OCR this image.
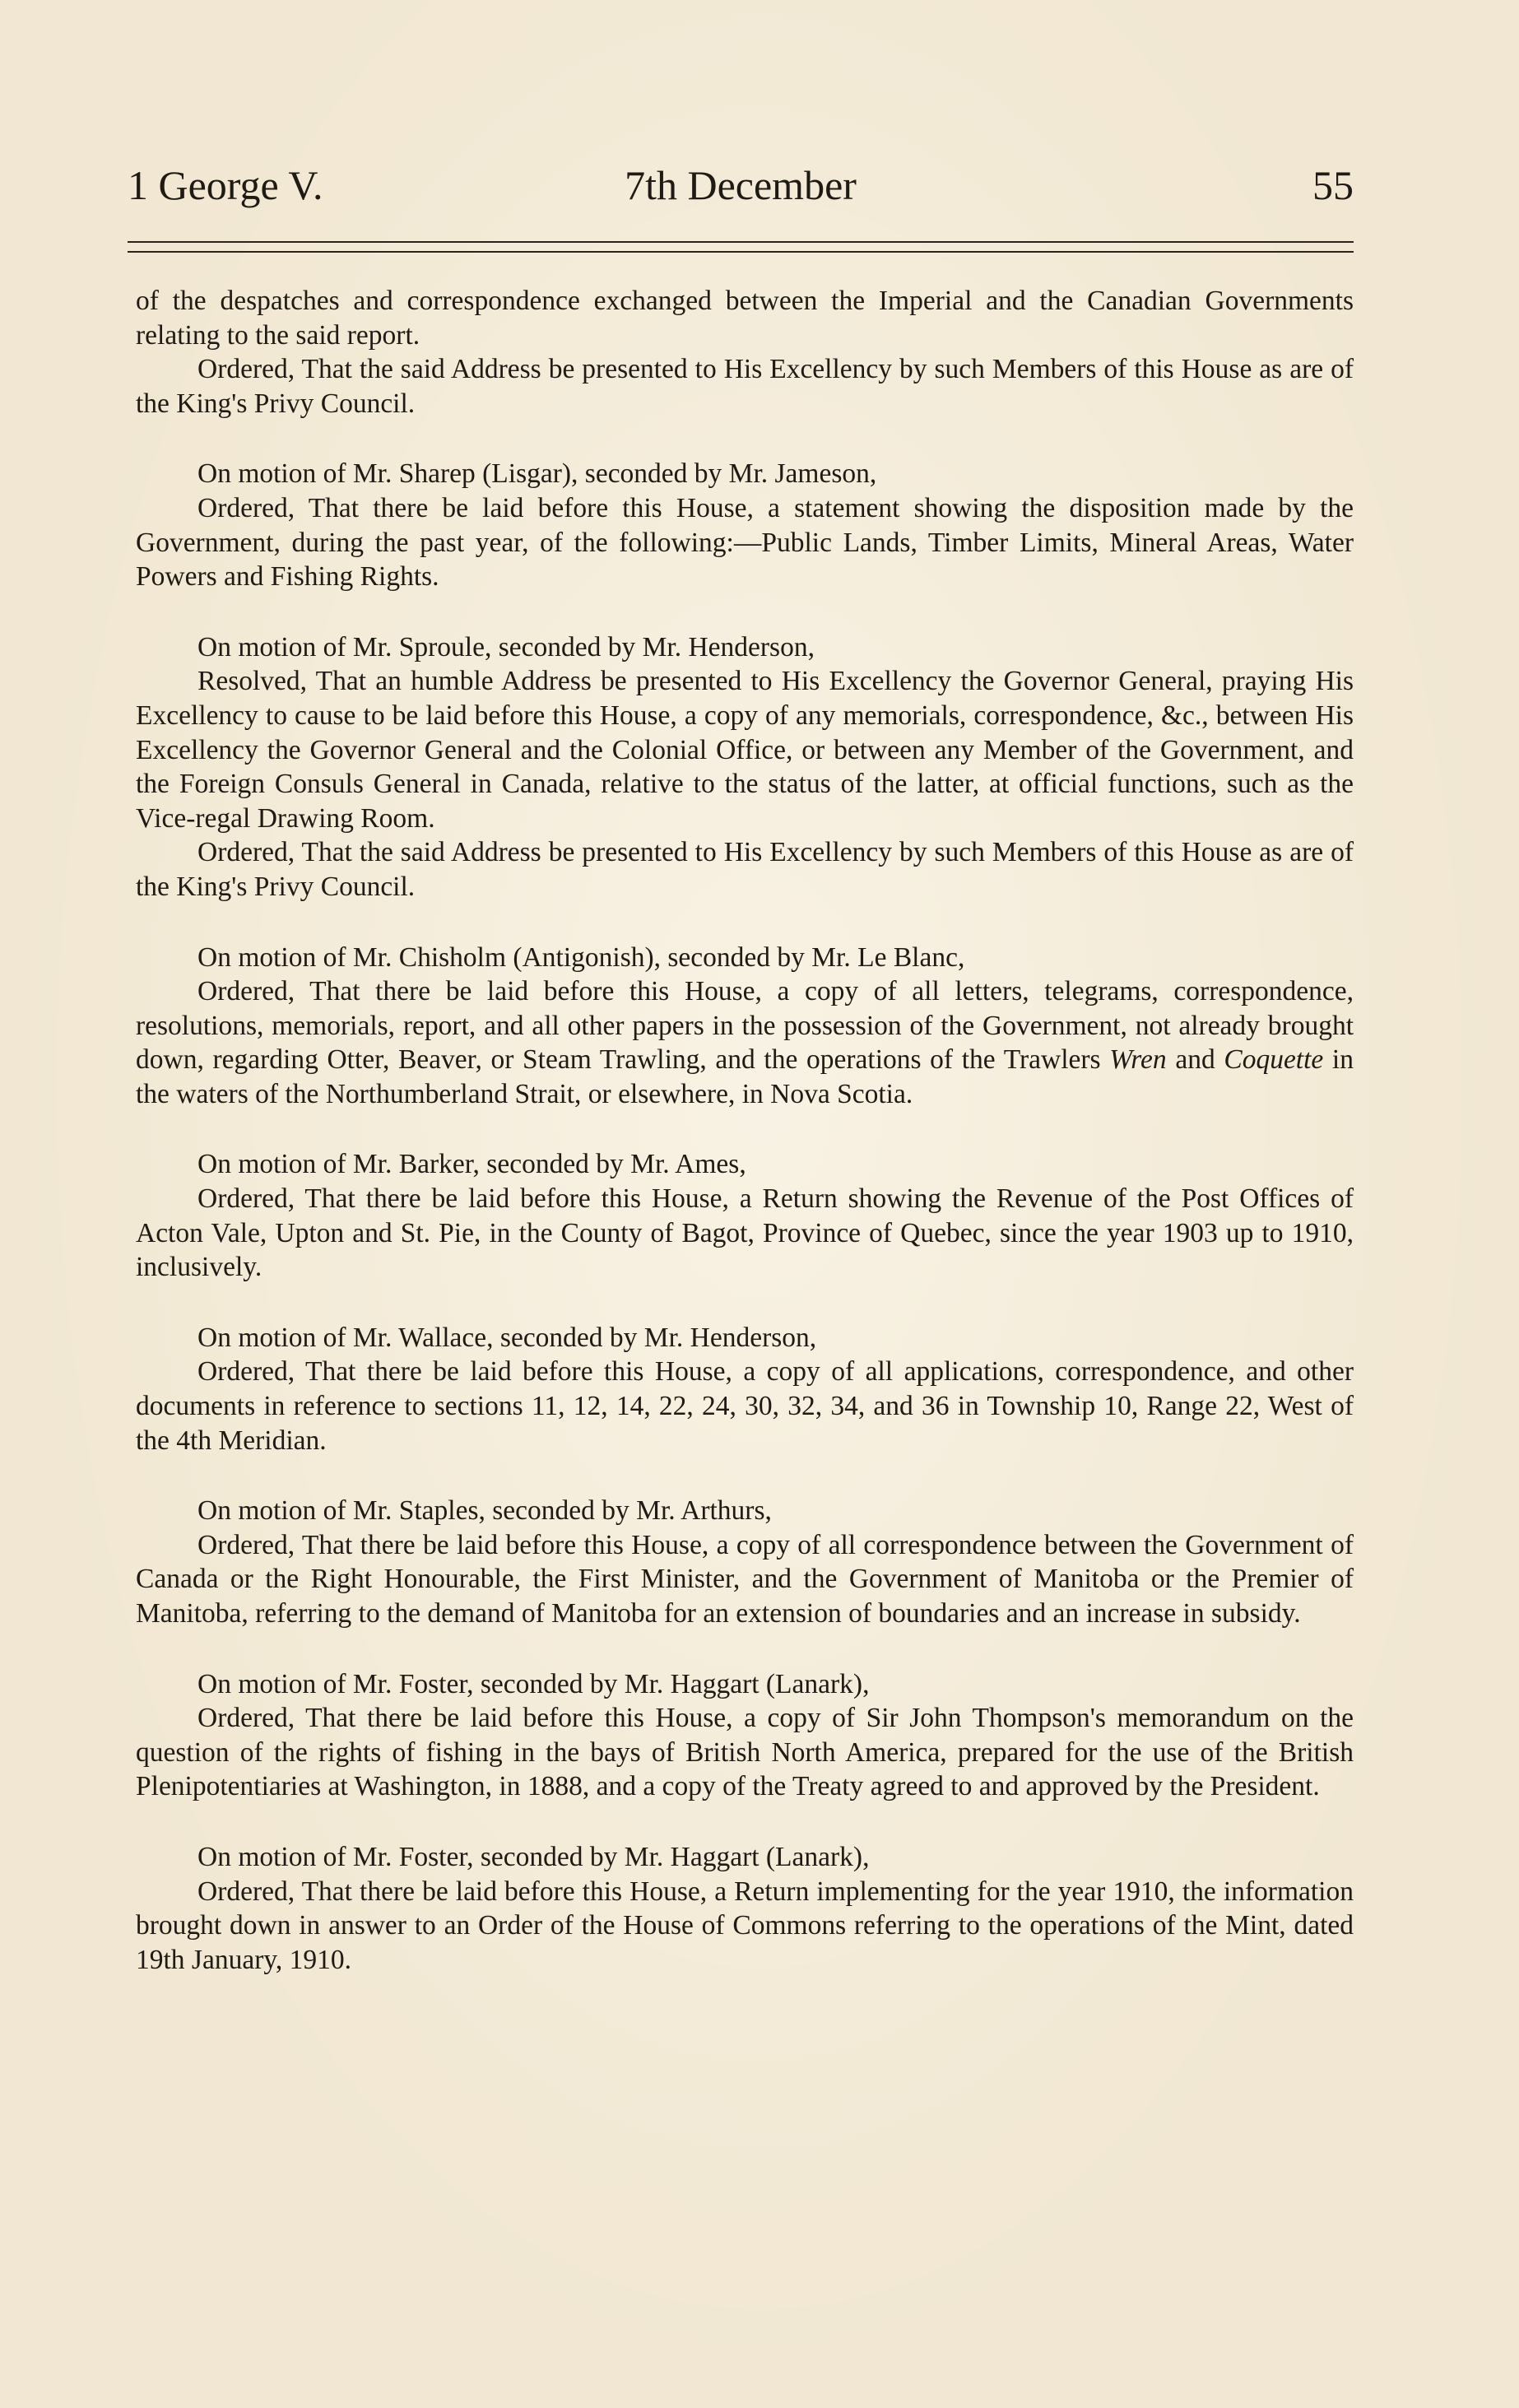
1 George V.	7th December	55

of the despatches and correspondence exchanged between the Imperial and the Canadian Governments relating to the said report.

Ordered, That the said Address be presented to His Excellency by such Members of this House as are of the King's Privy Council.

On motion of Mr. Sharep (Lisgar), seconded by Mr. Jameson,

Ordered, That there be laid before this House, a statement showing the disposition made by the Government, during the past year, of the following:—Public Lands, Timber Limits, Mineral Areas, Water Powers and Fishing Rights.

On motion of Mr. Sproule, seconded by Mr. Henderson,

Resolved, That an humble Address be presented to His Excellency the Governor General, praying His Excellency to cause to be laid before this House, a copy of any memorials, correspondence, &c., between His Excellency the Governor General and the Colonial Office, or between any Member of the Government, and the Foreign Consuls General in Canada, relative to the status of the latter, at official functions, such as the Vice-regal Drawing Room.

Ordered, That the said Address be presented to His Excellency by such Members of this House as are of the King's Privy Council.

On motion of Mr. Chisholm (Antigonish), seconded by Mr. Le Blanc,

Ordered, That there be laid before this House, a copy of all letters, telegrams, correspondence, resolutions, memorials, report, and all other papers in the possession of the Government, not already brought down, regarding Otter, Beaver, or Steam Trawling, and the operations of the Trawlers Wren and Coquette in the waters of the Northumberland Strait, or elsewhere, in Nova Scotia.

On motion of Mr. Barker, seconded by Mr. Ames,

Ordered, That there be laid before this House, a Return showing the Revenue of the Post Offices of Acton Vale, Upton and St. Pie, in the County of Bagot, Province of Quebec, since the year 1903 up to 1910, inclusively.

On motion of Mr. Wallace, seconded by Mr. Henderson,

Ordered, That there be laid before this House, a copy of all applications, correspondence, and other documents in reference to sections 11, 12, 14, 22, 24, 30, 32, 34, and 36 in Township 10, Range 22, West of the 4th Meridian.

On motion of Mr. Staples, seconded by Mr. Arthurs,

Ordered, That there be laid before this House, a copy of all correspondence between the Government of Canada or the Right Honourable, the First Minister, and the Government of Manitoba or the Premier of Manitoba, referring to the demand of Manitoba for an extension of boundaries and an increase in subsidy.

On motion of Mr. Foster, seconded by Mr. Haggart (Lanark),

Ordered, That there be laid before this House, a copy of Sir John Thompson's memorandum on the question of the rights of fishing in the bays of British North America, prepared for the use of the British Plenipotentiaries at Washington, in 1888, and a copy of the Treaty agreed to and approved by the President.

On motion of Mr. Foster, seconded by Mr. Haggart (Lanark),

Ordered, That there be laid before this House, a Return implementing for the year 1910, the information brought down in answer to an Order of the House of Commons referring to the operations of the Mint, dated 19th January, 1910.
